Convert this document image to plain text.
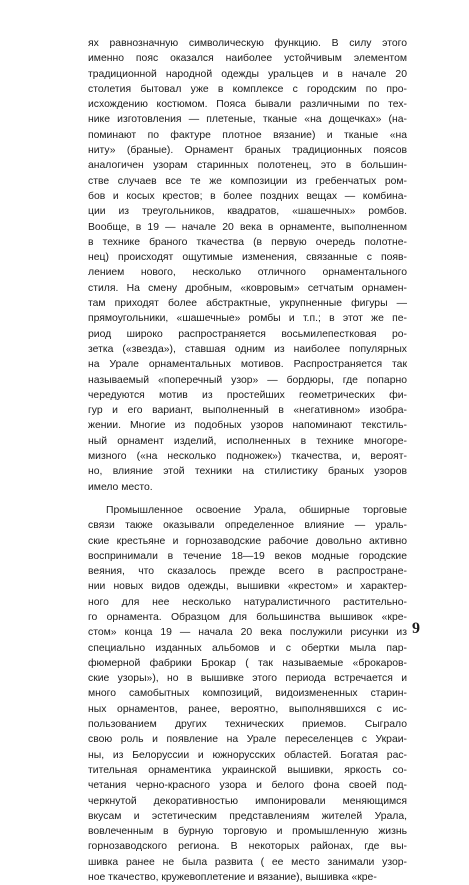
ях равнозначную символическую функцию. В силу этого
именно пояс оказался наиболее устойчивым элементом
традиционной народной одежды уральцев и в начале 20
столетия бытовал уже в комплексе с городским по про-
исхождению костюмом. Пояса бывали различными по тех-
нике изготовления — плетеные, тканые «на дощечках» (на-
поминают по фактуре плотное вязание) и тканые «на
ниту» (браные). Орнамент браных традиционных поясов
аналогичен узорам старинных полотенец, это в большин-
стве случаев все те же композиции из гребенчатых ром-
бов и косых крестов; в более поздних вещах — комбина-
ции из треугольников, квадратов, «шашечных» ромбов.
Вообще, в 19 — начале 20 века в орнаменте, выполненном
в технике браного ткачества (в первую очередь полотне-
нец) происходят ощутимые изменения, связанные с появ-
лением нового, несколько отличного орнаментального
стиля. На смену дробным, «ковровым» сетчатым орнамен-
там приходят более абстрактные, укрупненные фигуры —
прямоугольники, «шашечные» ромбы и т.п.; в этот же пе-
риод широко распространяется восьмилепестковая ро-
зетка («звезда»), ставшая одним из наиболее популярных
на Урале орнаментальных мотивов. Распространяется так
называемый «поперечный узор» — бордюры, где попарно
чередуются мотив из простейших геометрических фи-
гур и его вариант, выполненный в «негативном» изобра-
жении. Многие из подобных узоров напоминают текстиль-
ный орнамент изделий, исполненных в технике многоре-
мизного («на несколько подножек») ткачества, и, вероят-
но, влияние этой техники на стилистику браных узоров
имело место.
Промышленное освоение Урала, обширные торговые
связи также оказывали определенное влияние — ураль-
ские крестьяне и горнозаводские рабочие довольно активно
воспринимали в течение 18—19 веков модные городские
веяния, что сказалось прежде всего в распростране-
нии новых видов одежды, вышивки «крестом» и характер-
ного для нее несколько натуралистичного растительно-
го орнамента. Образцом для большинства вышивок «кре-
стом» конца 19 — начала 20 века послужили рисунки из
специально изданных альбомов и с обертки мыла пар-
фюмерной фабрики Брокар ( так называемые «брокаров-
ские узоры»), но в вышивке этого периода встречается и
много самобытных композиций, видоизмененных старин-
ных орнаментов, ранее, вероятно, выполнявшихся с ис-
пользованием других технических приемов. Сыграло
свою роль и появление на Урале переселенцев с Украи-
ны, из Белоруссии и южнорусских областей. Богатая рас-
тительная орнаментика украинской вышивки, яркость со-
четания черно-красного узора и белого фона своей под-
черкнутой декоративностью импонировали меняющимся
вкусам и эстетическим представлениям жителей Урала,
вовлеченным в бурную торговую и промышленную жизнь
горнозаводского региона. В некоторых районах, где вы-
шивка ранее не была развита ( ее место занимали узор-
ное ткачество, кружевоплетение и вязание), вышивка «кре-
9
